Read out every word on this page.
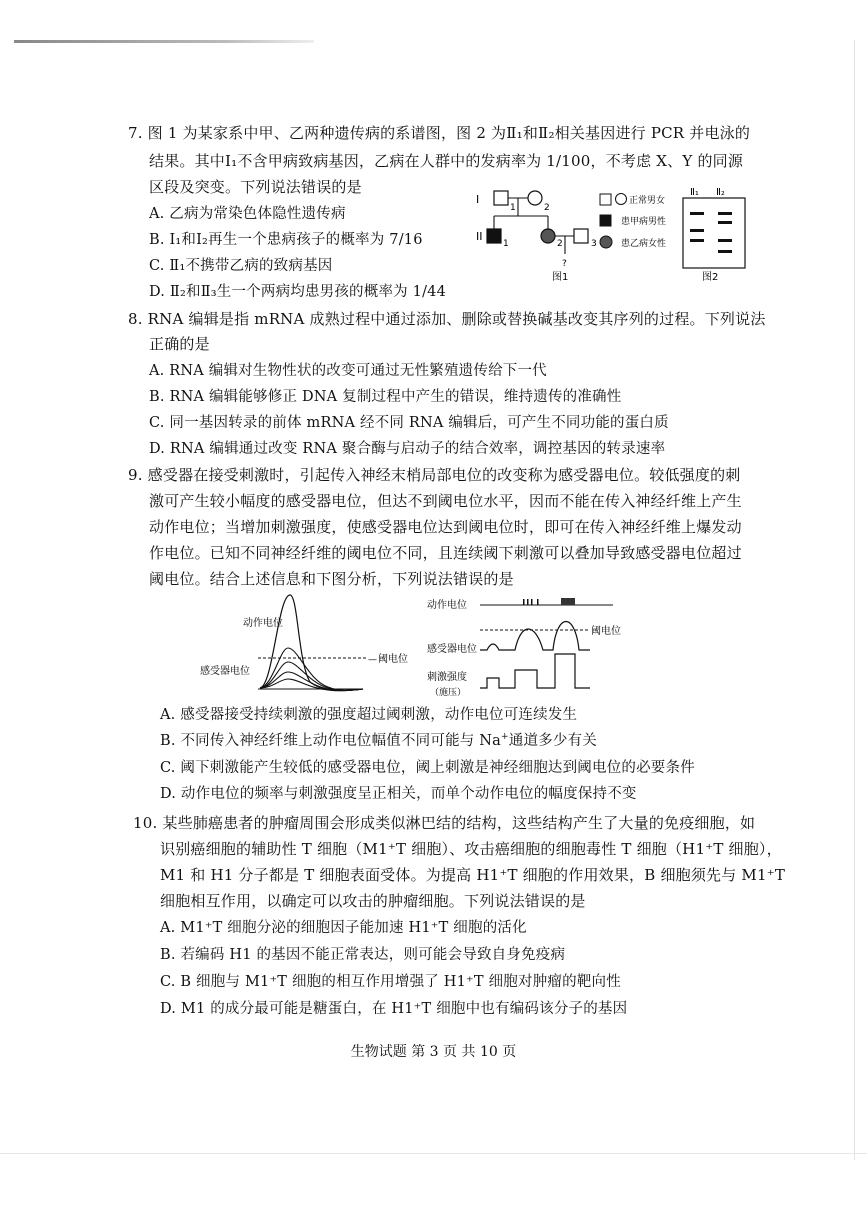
7. 图 1 为某家系中甲、乙两种遗传病的系谱图，图 2 为Ⅱ₁和Ⅱ₂相关基因进行 PCR 并电泳的
结果。其中Ⅰ₁不含甲病致病基因，乙病在人群中的发病率为 1/100，不考虑 X、Y 的同源
区段及突变。下列说法错误的是
A. 乙病为常染色体隐性遗传病
B. Ⅰ₁和Ⅰ₂再生一个患病孩子的概率为 7/16
C. Ⅱ₁不携带乙病的致病基因
D. Ⅱ₂和Ⅱ₃生一个两病均患男孩的概率为 1/44
I
1	2
II
1	2	3
?
图1
正常男女
患甲病男性
患乙病女性
Ⅱ₁ Ⅱ₂
图2
8. RNA 编辑是指 mRNA 成熟过程中通过添加、删除或替换碱基改变其序列的过程。下列说法
正确的是
A. RNA 编辑对生物性状的改变可通过无性繁殖遗传给下一代
B. RNA 编辑能够修正 DNA 复制过程中产生的错误，维持遗传的准确性
C. 同一基因转录的前体 mRNA 经不同 RNA 编辑后，可产生不同功能的蛋白质
D. RNA 编辑通过改变 RNA 聚合酶与启动子的结合效率，调控基因的转录速率
9. 感受器在接受刺激时，引起传入神经末梢局部电位的改变称为感受器电位。较低强度的刺
激可产生较小幅度的感受器电位，但达不到阈电位水平，因而不能在传入神经纤维上产生
动作电位；当增加刺激强度，使感受器电位达到阈电位时，即可在传入神经纤维上爆发动
作电位。已知不同神经纤维的阈电位不同，且连续阈下刺激可以叠加导致感受器电位超过
阈电位。结合上述信息和下图分析，下列说法错误的是
动作电位
感受器电位
— 阈电位
动作电位
阈电位
感受器电位
刺激强度
（施压）
A. 感受器接受持续刺激的强度超过阈刺激，动作电位可连续发生
B. 不同传入神经纤维上动作电位幅值不同可能与 Na+通道多少有关
C. 阈下刺激能产生较低的感受器电位，阈上刺激是神经细胞达到阈电位的必要条件
D. 动作电位的频率与刺激强度呈正相关，而单个动作电位的幅度保持不变
10. 某些肺癌患者的肿瘤周围会形成类似淋巴结的结构，这些结构产生了大量的免疫细胞，如
识别癌细胞的辅助性 T 细胞（M1⁺T 细胞）、攻击癌细胞的细胞毒性 T 细胞（H1⁺T 细胞），
M1 和 H1 分子都是 T 细胞表面受体。为提高 H1⁺T 细胞的作用效果，B 细胞须先与 M1⁺T
细胞相互作用，以确定可以攻击的肿瘤细胞。下列说法错误的是
A. M1⁺T 细胞分泌的细胞因子能加速 H1⁺T 细胞的活化
B. 若编码 H1 的基因不能正常表达，则可能会导致自身免疫病
C. B 细胞与 M1⁺T 细胞的相互作用增强了 H1⁺T 细胞对肿瘤的靶向性
D. M1 的成分最可能是糖蛋白，在 H1⁺T 细胞中也有编码该分子的基因
生物试题 第 3 页 共 10 页
